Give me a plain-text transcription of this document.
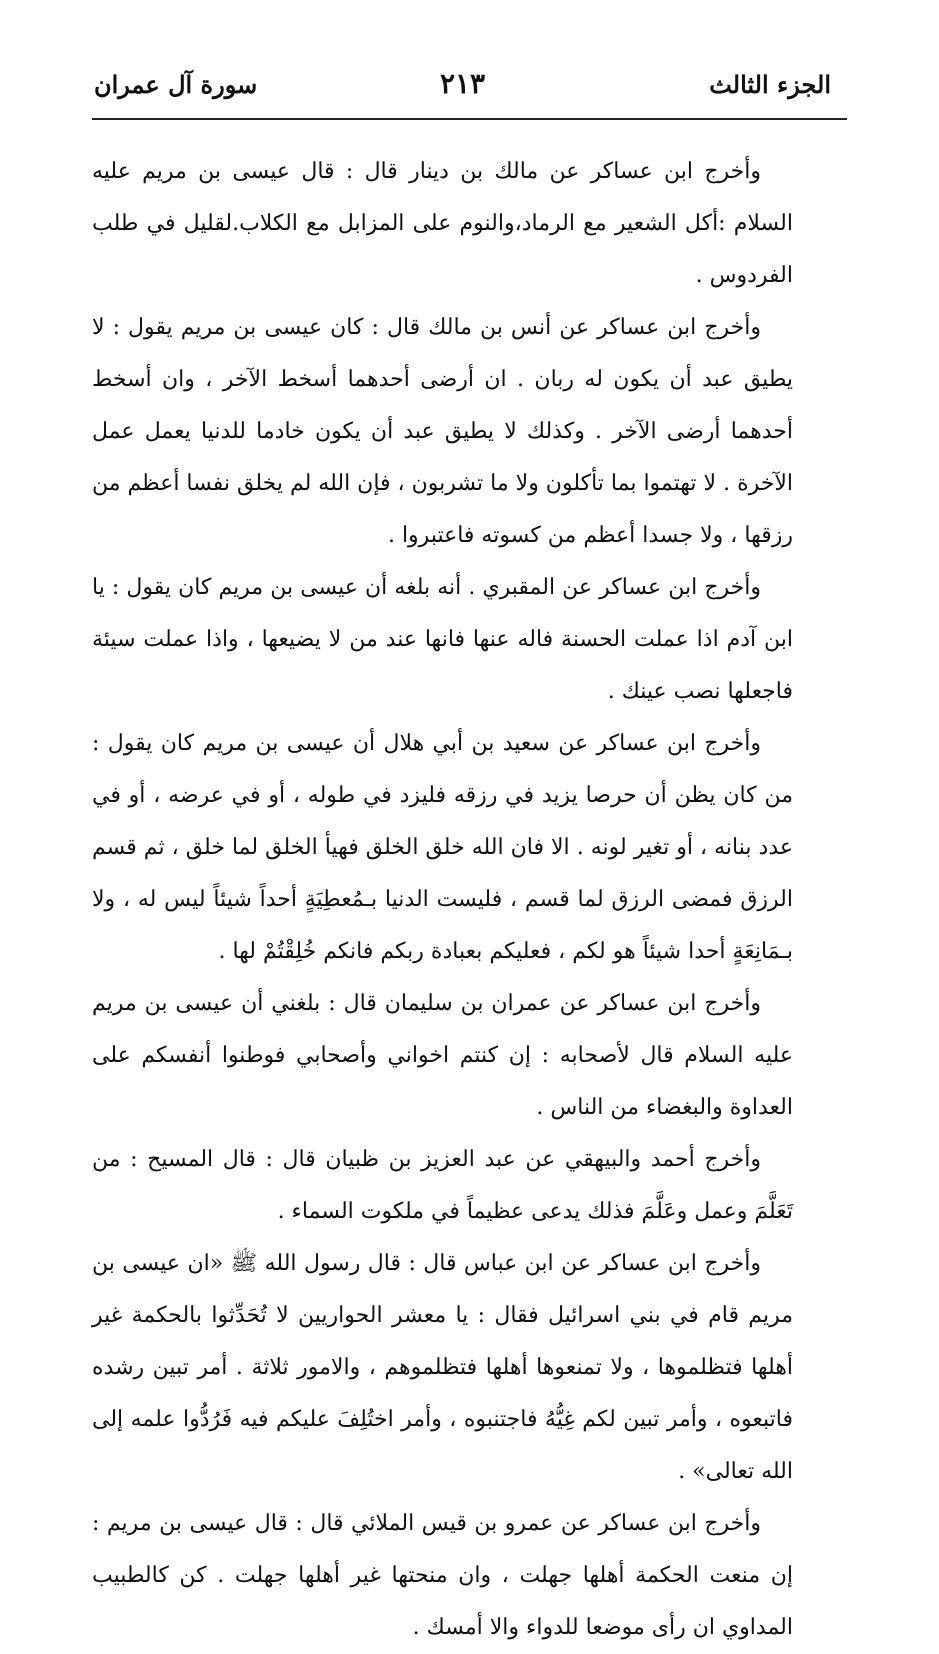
الجزء الثالث
٢١٣
سورة آل عمران

وأخرج ابن عساكر عن مالك بن دينار قال : قال عيسى بن مريم عليه السلام :أكل الشعير مع الرماد،والنوم على المزابل مع الكلاب.لقليل في طلب الفردوس .

وأخرج ابن عساكر عن أنس بن مالك قال : كان عيسى بن مريم يقول : لا يطيق عبد أن يكون له ربان . ان أرضى أحدهما أسخط الآخر ، وان أسخط أحدهما أرضى الآخر . وكذلك لا يطيق عبد أن يكون خادما للدنيا يعمل عمل الآخرة . لا تهتموا بما تأكلون ولا ما تشربون ، فإن الله لم يخلق نفسا أعظم من رزقها ، ولا جسدا أعظم من كسوته فاعتبروا .

وأخرج ابن عساكر عن المقبري . أنه بلغه أن عيسى بن مريم كان يقول : يا ابن آدم اذا عملت الحسنة فاله عنها فانها عند من لا يضيعها ، واذا عملت سيئة فاجعلها نصب عينك .

وأخرج ابن عساكر عن سعيد بن أبي هلال أن عيسى بن مريم كان يقول : من كان يظن أن حرصا يزيد في رزقه فليزد في طوله ، أو في عرضه ، أو في عدد بنانه ، أو تغير لونه . الا فان الله خلق الخلق فهيأ الخلق لما خلق ، ثم قسم الرزق فمضى الرزق لما قسم ، فليست الدنيا بـمُعطِيَةٍ أحداً شيئاً ليس له ، ولا بـمَانِعَةٍ أحدا شيئاً هو لكم ، فعليكم بعبادة ربكم فانكم خُلِقْتُمْ لها .

وأخرج ابن عساكر عن عمران بن سليمان قال : بلغني أن عيسى بن مريم عليه السلام قال لأصحابه : إن كنتم اخواني وأصحابي فوطنوا أنفسكم على العداوة والبغضاء من الناس .

وأخرج أحمد والبيهقي عن عبد العزيز بن ظبيان قال : قال المسيح : من تَعَلَّمَ وعمل وعَلَّمَ فذلك يدعى عظيماً في ملكوت السماء .

وأخرج ابن عساكر عن ابن عباس قال : قال رسول الله ﷺ «ان عيسى بن مريم قام في بني اسرائيل فقال : يا معشر الحواريين لا تُحَدِّثوا بالحكمة غير أهلها فتظلموها ، ولا تمنعوها أهلها فتظلموهم ، والامور ثلاثة . أمر تبين رشده فاتبعوه ، وأمر تبين لكم غِيُّهُ فاجتنبوه ، وأمر اختُلِفَ عليكم فيه فَرُدُّوا علمه إلى الله تعالى» .

وأخرج ابن عساكر عن عمرو بن قيس الملائي قال : قال عيسى بن مريم : إن منعت الحكمة أهلها جهلت ، وان منحتها غير أهلها جهلت . كن كالطبيب المداوي ان رأى موضعا للدواء والا أمسك .
